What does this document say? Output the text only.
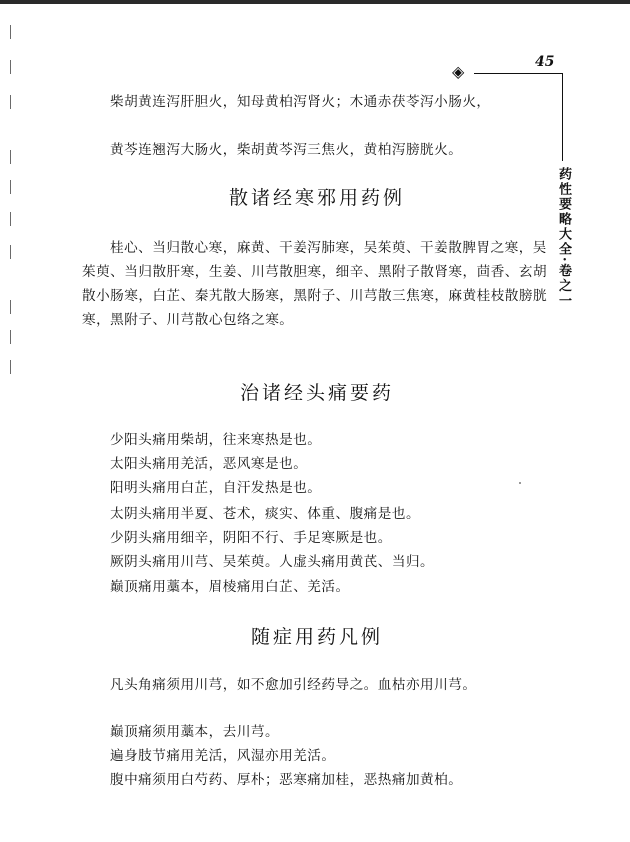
◈	45
药性要略大全·卷之一

柴胡黄连泻肝胆火，知母黄柏泻肾火；木通赤茯苓泻小肠火，

黄芩连翘泻大肠火，柴胡黄芩泻三焦火，黄柏泻膀胱火。

散诸经寒邪用药例

桂心、当归散心寒，麻黄、干姜泻肺寒，吴茱萸、干姜散脾胃之寒，吴茱萸、当归散肝寒，生姜、川芎散胆寒，细辛、黑附子散肾寒，茴香、玄胡散小肠寒，白芷、秦艽散大肠寒，黑附子、川芎散三焦寒，麻黄桂枝散膀胱寒，黑附子、川芎散心包络之寒。

治诸经头痛要药
少阳头痛用柴胡，往来寒热是也。
太阳头痛用羌活，恶风寒是也。
阳明头痛用白芷，自汗发热是也。
太阴头痛用半夏、苍术，痰实、体重、腹痛是也。
少阴头痛用细辛，阴阳不行、手足寒厥是也。
厥阴头痛用川芎、吴茱萸。人虚头痛用黄芪、当归。
巅顶痛用藁本，眉棱痛用白芷、羌活。
随症用药凡例

凡头角痛须用川芎，如不愈加引经药导之。血枯亦用川芎。

巅顶痛须用藁本，去川芎。
遍身肢节痛用羌活，风湿亦用羌活。
腹中痛须用白芍药、厚朴；恶寒痛加桂，恶热痛加黄柏。
